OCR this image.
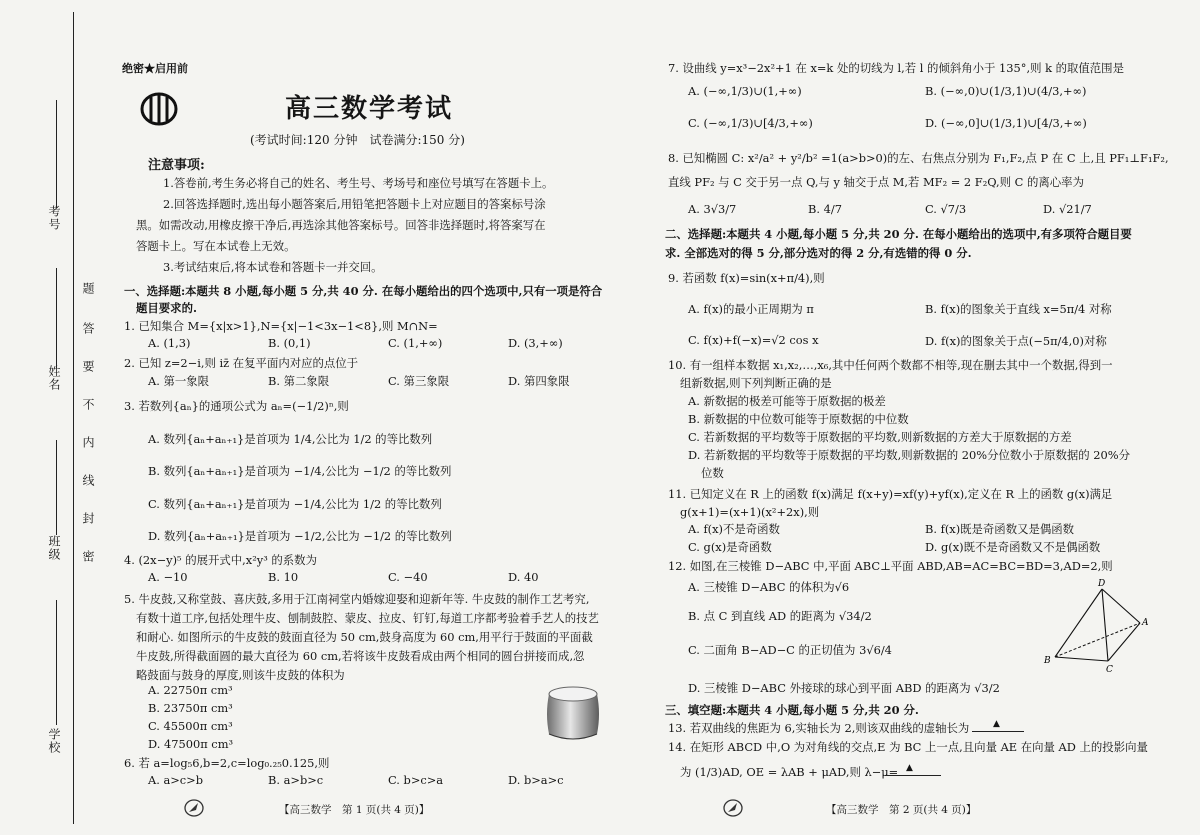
考号
姓名
班级
学校
题
答
要
不
内
线
封
密
绝密★启用前
高三数学考试
(考试时间:120 分钟　试卷满分:150 分)
注意事项:
1.答卷前,考生务必将自己的姓名、考生号、考场号和座位号填写在答题卡上。
2.回答选择题时,选出每小题答案后,用铅笔把答题卡上对应题目的答案标号涂
黑。如需改动,用橡皮擦干净后,再选涂其他答案标号。回答非选择题时,将答案写在
答题卡上。写在本试卷上无效。
3.考试结束后,将本试卷和答题卡一并交回。
一、选择题:本题共 8 小题,每小题 5 分,共 40 分. 在每小题给出的四个选项中,只有一项是符合
题目要求的.
1. 已知集合 M={x|x>1},N={x|−1<3x−1<8},则 M∩N=
A. (1,3)	B. (0,1)	C. (1,+∞)	D. (3,+∞)
2. 已知 z=2−i,则 iz̄ 在复平面内对应的点位于
A. 第一象限	B. 第二象限	C. 第三象限	D. 第四象限
3. 若数列{aₙ}的通项公式为 aₙ=(−1/2)ⁿ,则
A. 数列{aₙ+aₙ₊₁}是首项为 1/4,公比为 1/2 的等比数列
B. 数列{aₙ+aₙ₊₁}是首项为 −1/4,公比为 −1/2 的等比数列
C. 数列{aₙ+aₙ₊₁}是首项为 −1/4,公比为 1/2 的等比数列
D. 数列{aₙ+aₙ₊₁}是首项为 −1/2,公比为 −1/2 的等比数列
4. (2x−y)⁵ 的展开式中,x²y³ 的系数为
A. −10	B. 10	C. −40	D. 40
5. 牛皮鼓,又称堂鼓、喜庆鼓,多用于江南祠堂内婚嫁迎娶和迎新年等. 牛皮鼓的制作工艺考究,
有数十道工序,包括处理牛皮、刨制鼓腔、蒙皮、拉皮、钉钉,每道工序都考验着手艺人的技艺
和耐心. 如图所示的牛皮鼓的鼓面直径为 50 cm,鼓身高度为 60 cm,用平行于鼓面的平面截
牛皮鼓,所得截面圆的最大直径为 60 cm,若将该牛皮鼓看成由两个相同的圆台拼接而成,忽
略鼓面与鼓身的厚度,则该牛皮鼓的体积为
A. 22750π cm³
B. 23750π cm³
C. 45500π cm³
D. 47500π cm³
6. 若 a=log₅6,b=2,c=log₀.₂₅0.125,则
A. a>c>b	B. a>b>c	C. b>c>a	D. b>a>c
【高三数学　第 1 页(共 4 页)】
7. 设曲线 y=x³−2x²+1 在 x=k 处的切线为 l,若 l 的倾斜角小于 135°,则 k 的取值范围是
A. (−∞,1/3)∪(1,+∞)	B. (−∞,0)∪(1/3,1)∪(4/3,+∞)
C. (−∞,1/3)∪[4/3,+∞)	D. (−∞,0]∪(1/3,1)∪[4/3,+∞)
8. 已知椭圆 C: x²/a² + y²/b² =1(a>b>0)的左、右焦点分别为 F₁,F₂,点 P 在 C 上,且 PF₁⊥F₁F₂,
直线 PF₂ 与 C 交于另一点 Q,与 y 轴交于点 M,若 MF₂ = 2 F₂Q,则 C 的离心率为
A. 3√3/7	B. 4/7	C. √7/3	D. √21/7
二、选择题:本题共 4 小题,每小题 5 分,共 20 分. 在每小题给出的选项中,有多项符合题目要
求. 全部选对的得 5 分,部分选对的得 2 分,有选错的得 0 分.
9. 若函数 f(x)=sin(x+π/4),则
A. f(x)的最小正周期为 π	B. f(x)的图象关于直线 x=5π/4 对称
C. f(x)+f(−x)=√2 cos x	D. f(x)的图象关于点(−5π/4,0)对称
10. 有一组样本数据 x₁,x₂,…,x₆,其中任何两个数都不相等,现在删去其中一个数据,得到一
组新数据,则下列判断正确的是
A. 新数据的极差可能等于原数据的极差
B. 新数据的中位数可能等于原数据的中位数
C. 若新数据的平均数等于原数据的平均数,则新数据的方差大于原数据的方差
D. 若新数据的平均数等于原数据的平均数,则新数据的 20%分位数小于原数据的 20%分
位数
11. 已知定义在 R 上的函数 f(x)满足 f(x+y)=xf(y)+yf(x),定义在 R 上的函数 g(x)满足
g(x+1)=(x+1)(x²+2x),则
A. f(x)不是奇函数	B. f(x)既是奇函数又是偶函数
C. g(x)是奇函数	D. g(x)既不是奇函数又不是偶函数
12. 如图,在三棱锥 D−ABC 中,平面 ABC⊥平面 ABD,AB=AC=BC=BD=3,AD=2,则
A. 三棱锥 D−ABC 的体积为√6
B. 点 C 到直线 AD 的距离为 √34/2
C. 二面角 B−AD−C 的正切值为 3√6/4
D. 三棱锥 D−ABC 外接球的球心到平面 ABD 的距离为 √3/2
D
A
B
C
三、填空题:本题共 4 小题,每小题 5 分,共 20 分.
13. 若双曲线的焦距为 6,实轴长为 2,则该双曲线的虚轴长为	▲
14. 在矩形 ABCD 中,O 为对角线的交点,E 为 BC 上一点,且向量 AE 在向量 AD 上的投影向量
为 (1/3)AD, OE = λAB + μAD,则 λ−μ= ▲
【高三数学　第 2 页(共 4 页)】
